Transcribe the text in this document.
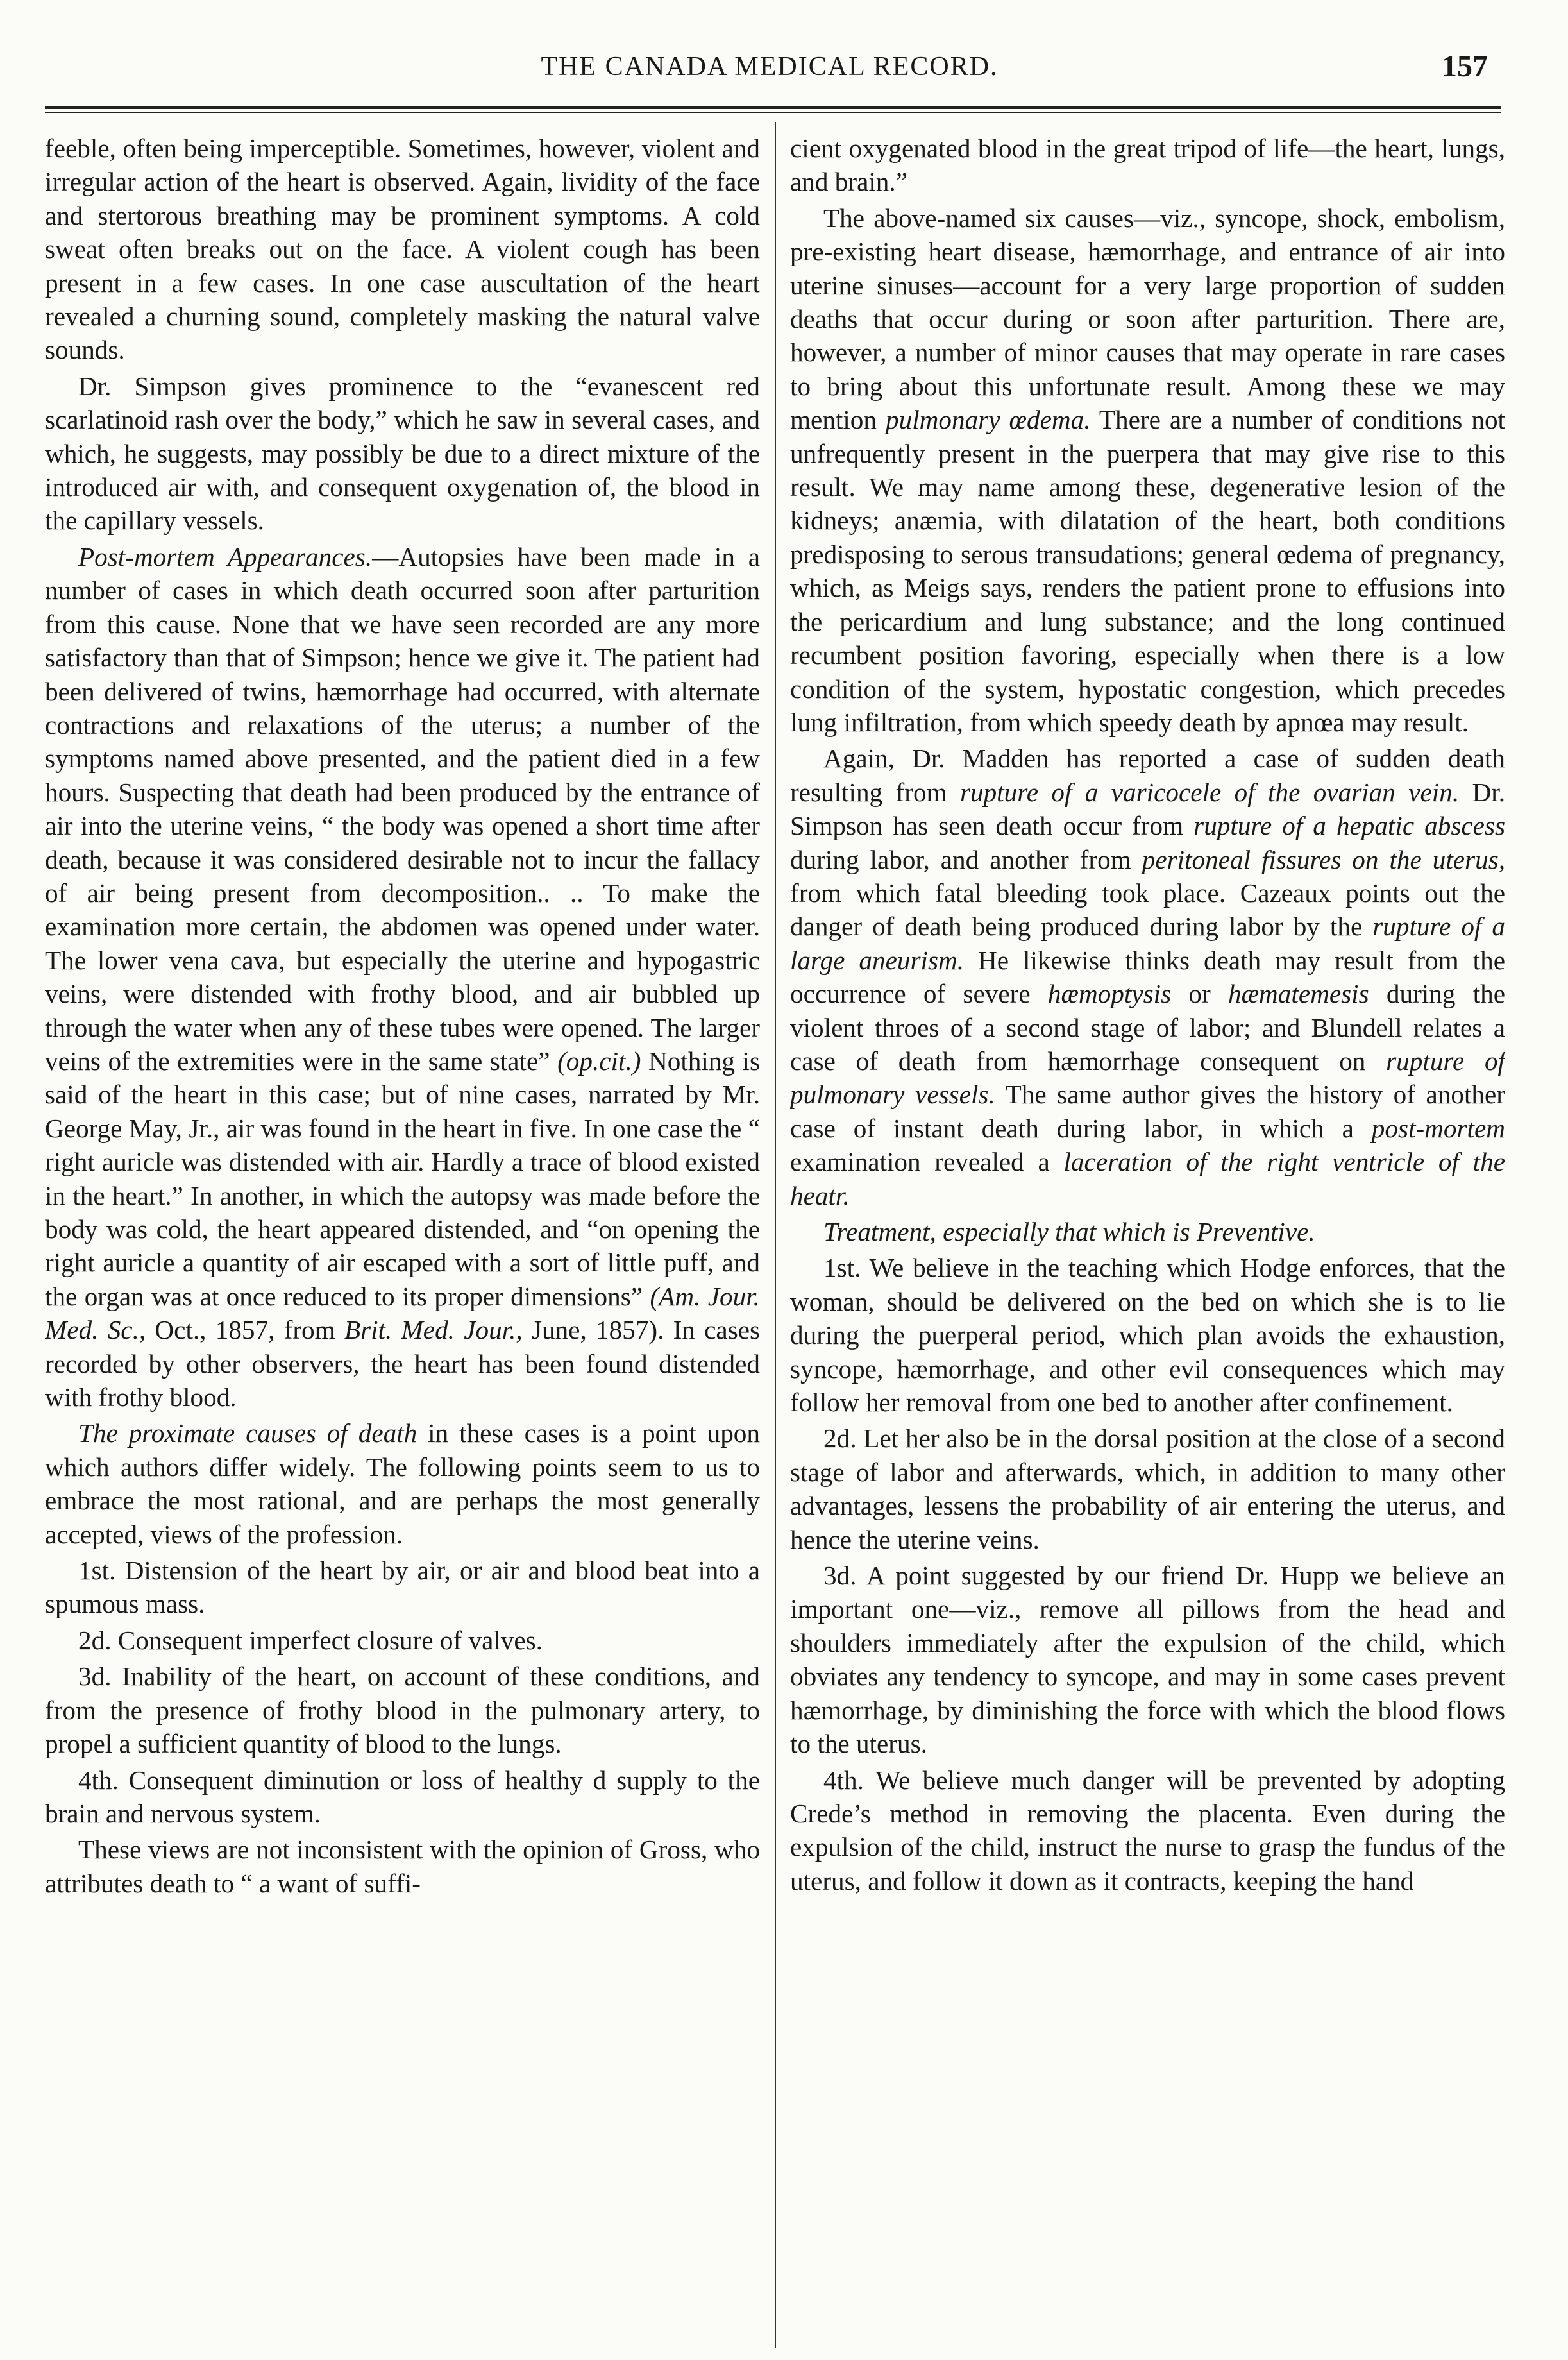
THE CANADA MEDICAL RECORD.	157

feeble, often being imperceptible. Sometimes, however, violent and irregular action of the heart is observed. Again, lividity of the face and stertorous breathing may be prominent symptoms. A cold sweat often breaks out on the face. A violent cough has been present in a few cases. In one case auscultation of the heart revealed a churning sound, completely masking the natural valve sounds.

Dr. Simpson gives prominence to the “evanescent red scarlatinoid rash over the body,” which he saw in several cases, and which, he suggests, may possibly be due to a direct mixture of the introduced air with, and consequent oxygenation of, the blood in the capillary vessels.

Post-mortem Appearances.—Autopsies have been made in a number of cases in which death occurred soon after parturition from this cause. None that we have seen recorded are any more satisfactory than that of Simpson; hence we give it. The patient had been delivered of twins, hæmorrhage had occurred, with alternate contractions and relaxations of the uterus; a number of the symptoms named above presented, and the patient died in a few hours. Suspecting that death had been produced by the entrance of air into the uterine veins, “ the body was opened a short time after death, because it was considered desirable not to incur the fallacy of air being present from decomposition.. .. To make the examination more certain, the abdomen was opened under water. The lower vena cava, but especially the uterine and hypogastric veins, were distended with frothy blood, and air bubbled up through the water when any of these tubes were opened. The larger veins of the extremities were in the same state” (op.cit.) Nothing is said of the heart in this case; but of nine cases, narrated by Mr. George May, Jr., air was found in the heart in five. In one case the “ right auricle was distended with air. Hardly a trace of blood existed in the heart.” In another, in which the autopsy was made before the body was cold, the heart appeared distended, and “on opening the right auricle a quantity of air escaped with a sort of little puff, and the organ was at once reduced to its proper dimensions” (Am. Jour. Med. Sc., Oct., 1857, from Brit. Med. Jour., June, 1857). In cases recorded by other observers, the heart has been found distended with frothy blood.

The proximate causes of death in these cases is a point upon which authors differ widely. The following points seem to us to embrace the most rational, and are perhaps the most generally accepted, views of the profession.

1st. Distension of the heart by air, or air and blood beat into a spumous mass.

2d. Consequent imperfect closure of valves.

3d. Inability of the heart, on account of these conditions, and from the presence of frothy blood in the pulmonary artery, to propel a sufficient quantity of blood to the lungs.

4th. Consequent diminution or loss of healthy d supply to the brain and nervous system.

These views are not inconsistent with the opinion of Gross, who attributes death to “ a want of suffi-

cient oxygenated blood in the great tripod of life—the heart, lungs, and brain.”

The above-named six causes—viz., syncope, shock, embolism, pre-existing heart disease, hæmorrhage, and entrance of air into uterine sinuses—account for a very large proportion of sudden deaths that occur during or soon after parturition. There are, however, a number of minor causes that may operate in rare cases to bring about this unfortunate result. Among these we may mention pulmonary œdema. There are a number of conditions not unfrequently present in the puerpera that may give rise to this result. We may name among these, degenerative lesion of the kidneys; anæmia, with dilatation of the heart, both conditions predisposing to serous transudations; general œdema of pregnancy, which, as Meigs says, renders the patient prone to effusions into the pericardium and lung substance; and the long continued recumbent position favoring, especially when there is a low condition of the system, hypostatic congestion, which precedes lung infiltration, from which speedy death by apnœa may result.

Again, Dr. Madden has reported a case of sudden death resulting from rupture of a varicocele of the ovarian vein. Dr. Simpson has seen death occur from rupture of a hepatic abscess during labor, and another from peritoneal fissures on the uterus, from which fatal bleeding took place. Cazeaux points out the danger of death being produced during labor by the rupture of a large aneurism. He likewise thinks death may result from the occurrence of severe hæmoptysis or hæmatemesis during the violent throes of a second stage of labor; and Blundell relates a case of death from hæmorrhage consequent on rupture of pulmonary vessels. The same author gives the history of another case of instant death during labor, in which a post-mortem examination revealed a laceration of the right ventricle of the heatr.

Treatment, especially that which is Preventive.

1st. We believe in the teaching which Hodge enforces, that the woman, should be delivered on the bed on which she is to lie during the puerperal period, which plan avoids the exhaustion, syncope, hæmorrhage, and other evil consequences which may follow her removal from one bed to another after confinement.

2d. Let her also be in the dorsal position at the close of a second stage of labor and afterwards, which, in addition to many other advantages, lessens the probability of air entering the uterus, and hence the uterine veins.

3d. A point suggested by our friend Dr. Hupp we believe an important one—viz., remove all pillows from the head and shoulders immediately after the expulsion of the child, which obviates any tendency to syncope, and may in some cases prevent hæmorrhage, by diminishing the force with which the blood flows to the uterus.

4th. We believe much danger will be prevented by adopting Crede’s method in removing the placenta. Even during the expulsion of the child, instruct the nurse to grasp the fundus of the uterus, and follow it down as it contracts, keeping the hand
